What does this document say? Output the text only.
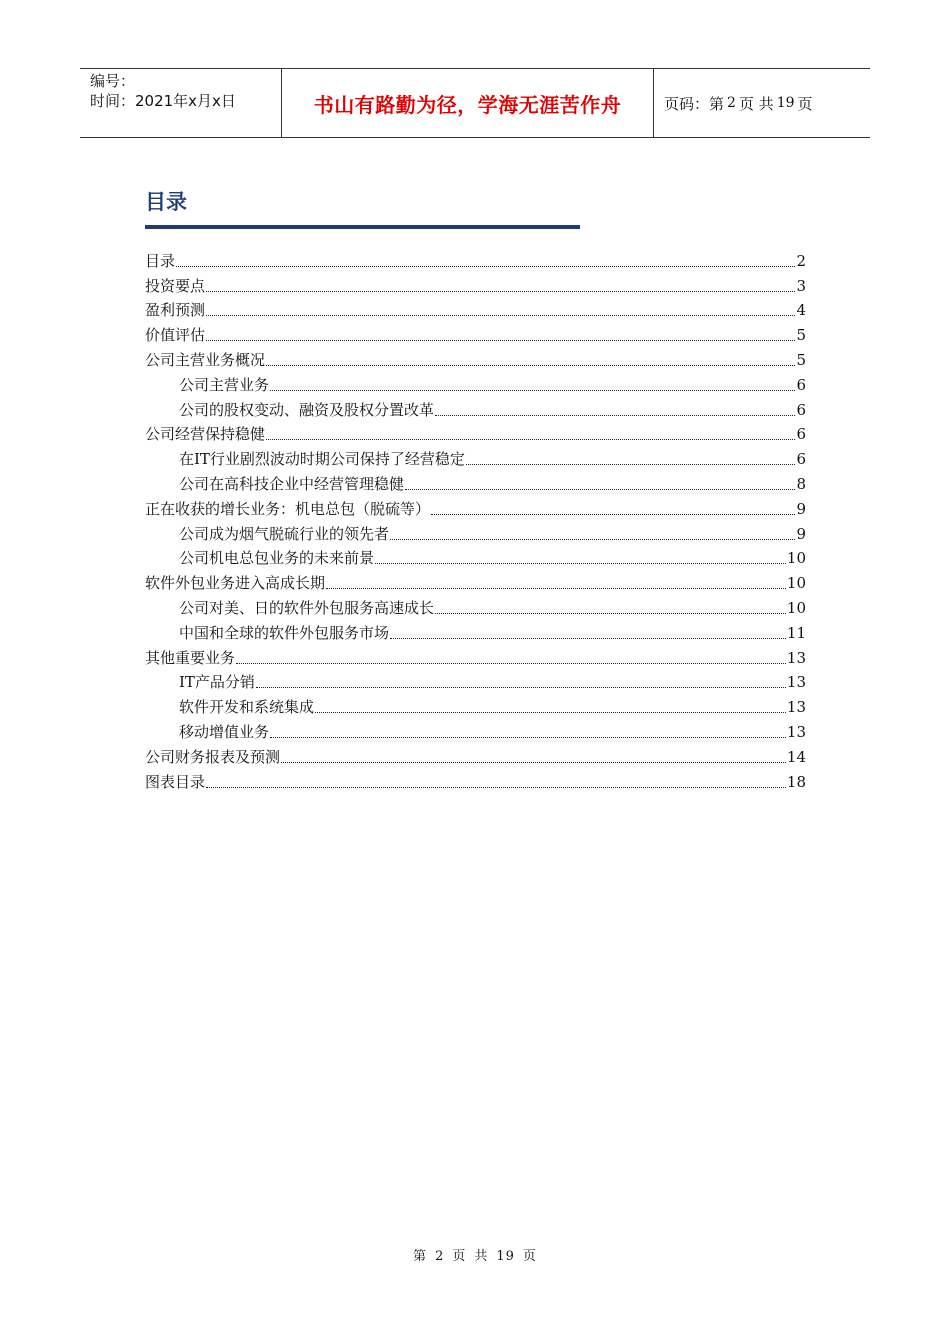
编号：
时间：2021年x月x日	书山有路勤为径，学海无涯苦作舟	页码：第 2 页 共 19 页
目录
目录	2
投资要点	3
盈利预测	4
价值评估	5
公司主营业务概况	5
公司主营业务	6
公司的股权变动、融资及股权分置改革	6
公司经营保持稳健	6
在IT行业剧烈波动时期公司保持了经营稳定	6
公司在高科技企业中经营管理稳健	8
正在收获的增长业务：机电总包（脱硫等）	9
公司成为烟气脱硫行业的领先者	9
公司机电总包业务的未来前景	10
软件外包业务进入高成长期	10
公司对美、日的软件外包服务高速成长	10
中国和全球的软件外包服务市场	11
其他重要业务	13
IT产品分销	13
软件开发和系统集成	13
移动增值业务	13
公司财务报表及预测	14
图表目录	18
第 2 页 共 19 页
